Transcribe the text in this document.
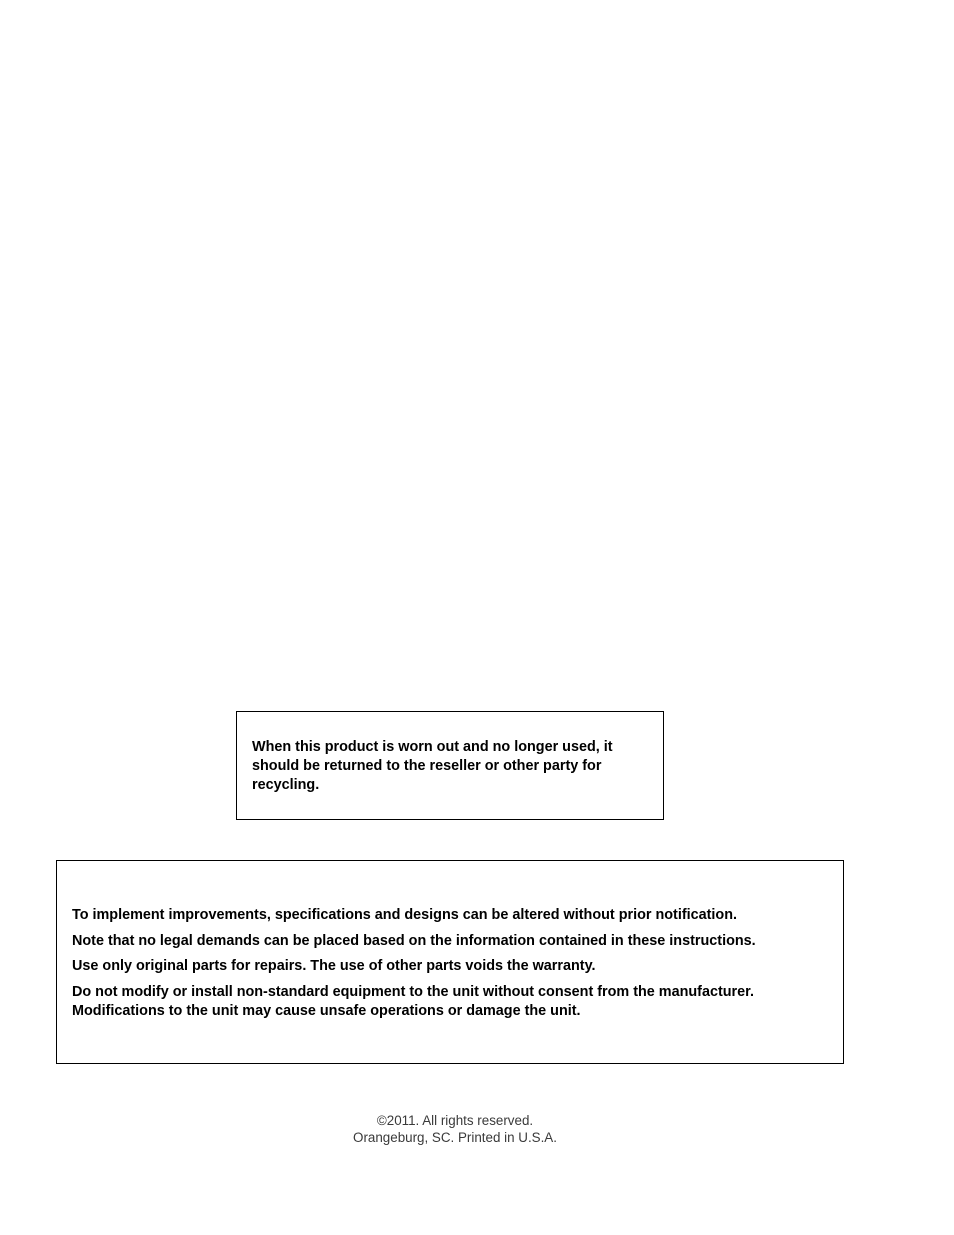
When this product is worn out and no longer used, it should be returned to the reseller or other party for recycling.

To implement improvements, specifications and designs can be altered without prior notification.

Note that no legal demands can be placed based on the information contained in these instructions.

Use only original parts for repairs. The use of other parts voids the warranty.

Do not modify or install non-standard equipment to the unit without consent from the manufacturer.

Modifications to the unit may cause unsafe operations or damage the unit.

©2011. All rights reserved.
Orangeburg, SC. Printed in U.S.A.
